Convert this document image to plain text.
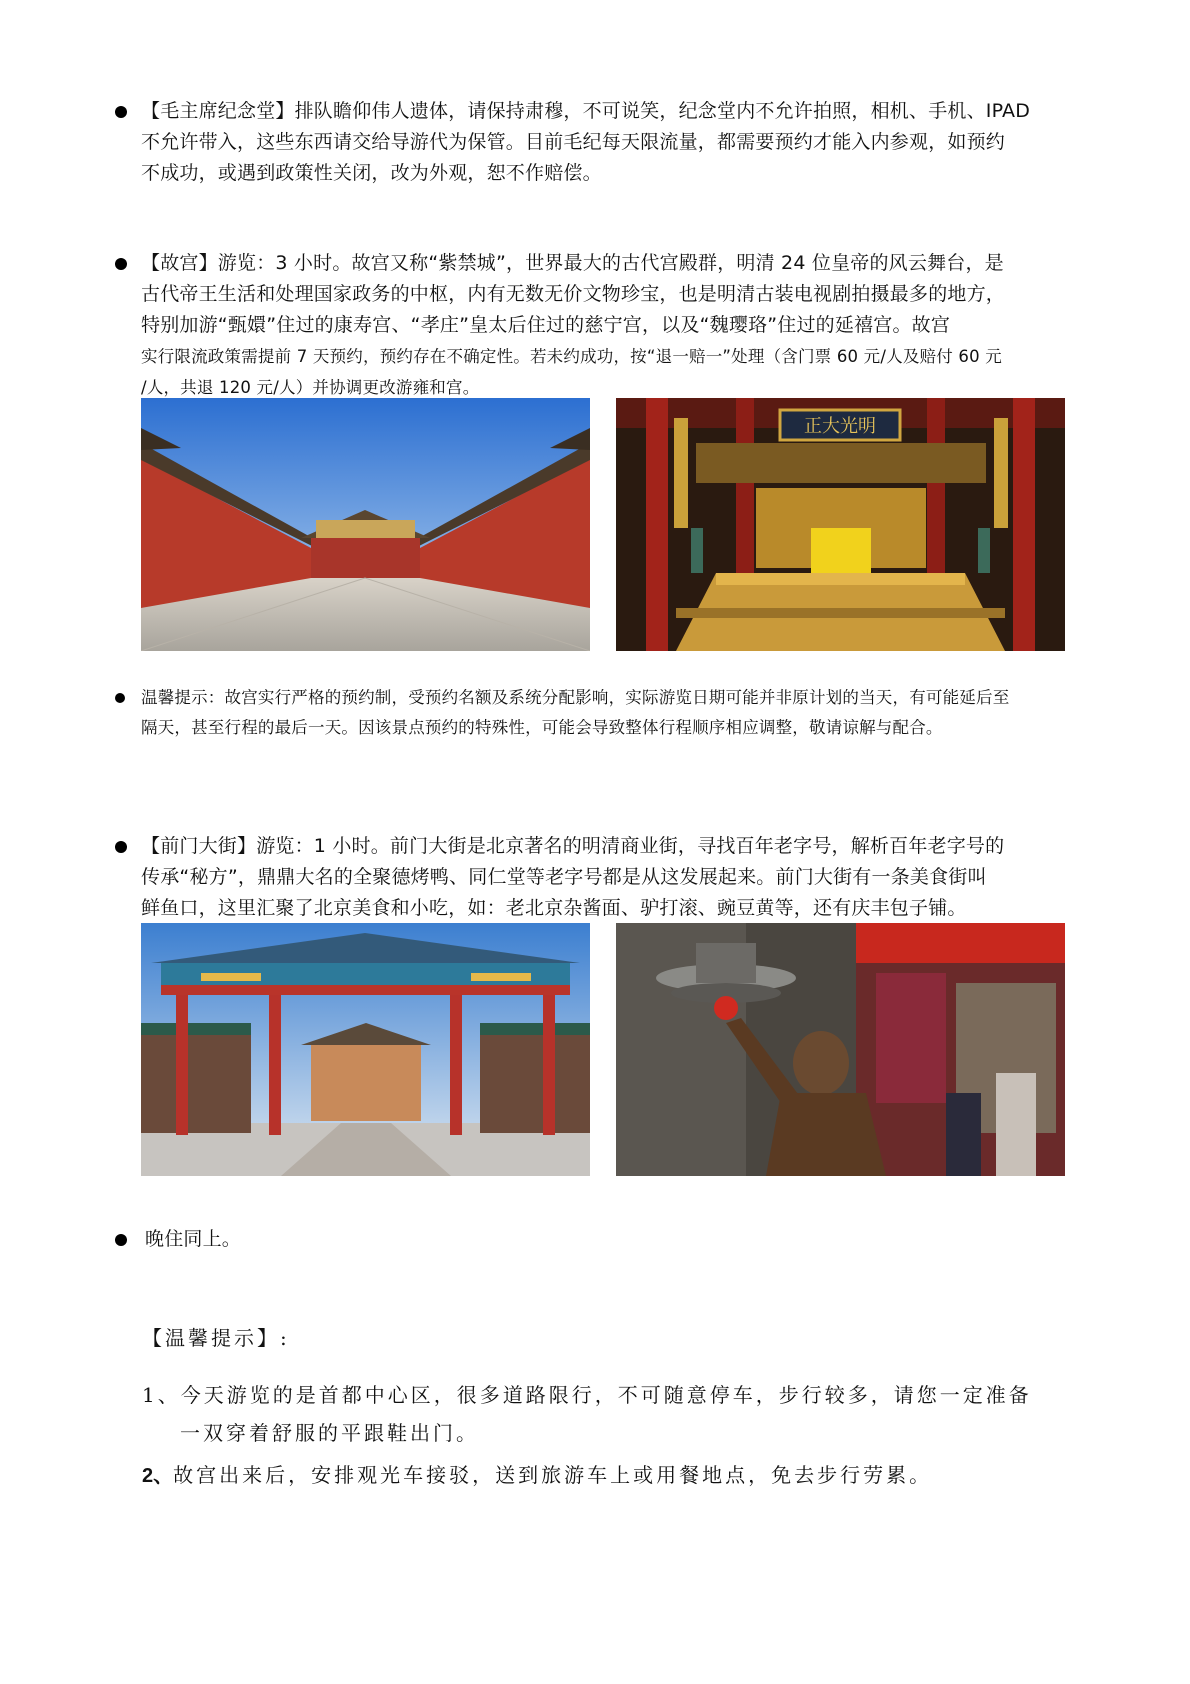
【毛主席纪念堂】排队瞻仰伟人遗体，请保持肃穆，不可说笑，纪念堂内不允许拍照，相机、手机、IPAD
不允许带入，这些东西请交给导游代为保管。目前毛纪每天限流量，都需要预约才能入内参观，如预约
不成功，或遇到政策性关闭，改为外观，恕不作赔偿。
【故宫】游览：3 小时。故宫又称“紫禁城”，世界最大的古代宫殿群，明清 24 位皇帝的风云舞台，是
古代帝王生活和处理国家政务的中枢，内有无数无价文物珍宝，也是明清古装电视剧拍摄最多的地方，
特别加游“甄嬛”住过的康寿宫、“孝庄”皇太后住过的慈宁宫，以及“魏璎珞”住过的延禧宫。故宫
实行限流政策需提前 7 天预约，预约存在不确定性。若未约成功，按“退一赔一”处理（含门票 60 元/人及赔付 60 元
/人，共退 120 元/人）并协调更改游雍和宫。
正大光明
温馨提示：故宫实行严格的预约制，受预约名额及系统分配影响，实际游览日期可能并非原计划的当天，有可能延后至
隔天，甚至行程的最后一天。因该景点预约的特殊性，可能会导致整体行程顺序相应调整，敬请谅解与配合。
【前门大街】游览：1 小时。前门大街是北京著名的明清商业街，寻找百年老字号，解析百年老字号的
传承“秘方”，鼎鼎大名的全聚德烤鸭、同仁堂等老字号都是从这发展起来。前门大街有一条美食街叫
鲜鱼口，这里汇聚了北京美食和小吃，如：老北京杂酱面、驴打滚、豌豆黄等，还有庆丰包子铺。
晚住同上。
【温馨提示】:
1、今天游览的是首都中心区，很多道路限行，不可随意停车，步行较多，请您一定准备
一双穿着舒服的平跟鞋出门。
2、故宫出来后，安排观光车接驳，送到旅游车上或用餐地点，免去步行劳累。
